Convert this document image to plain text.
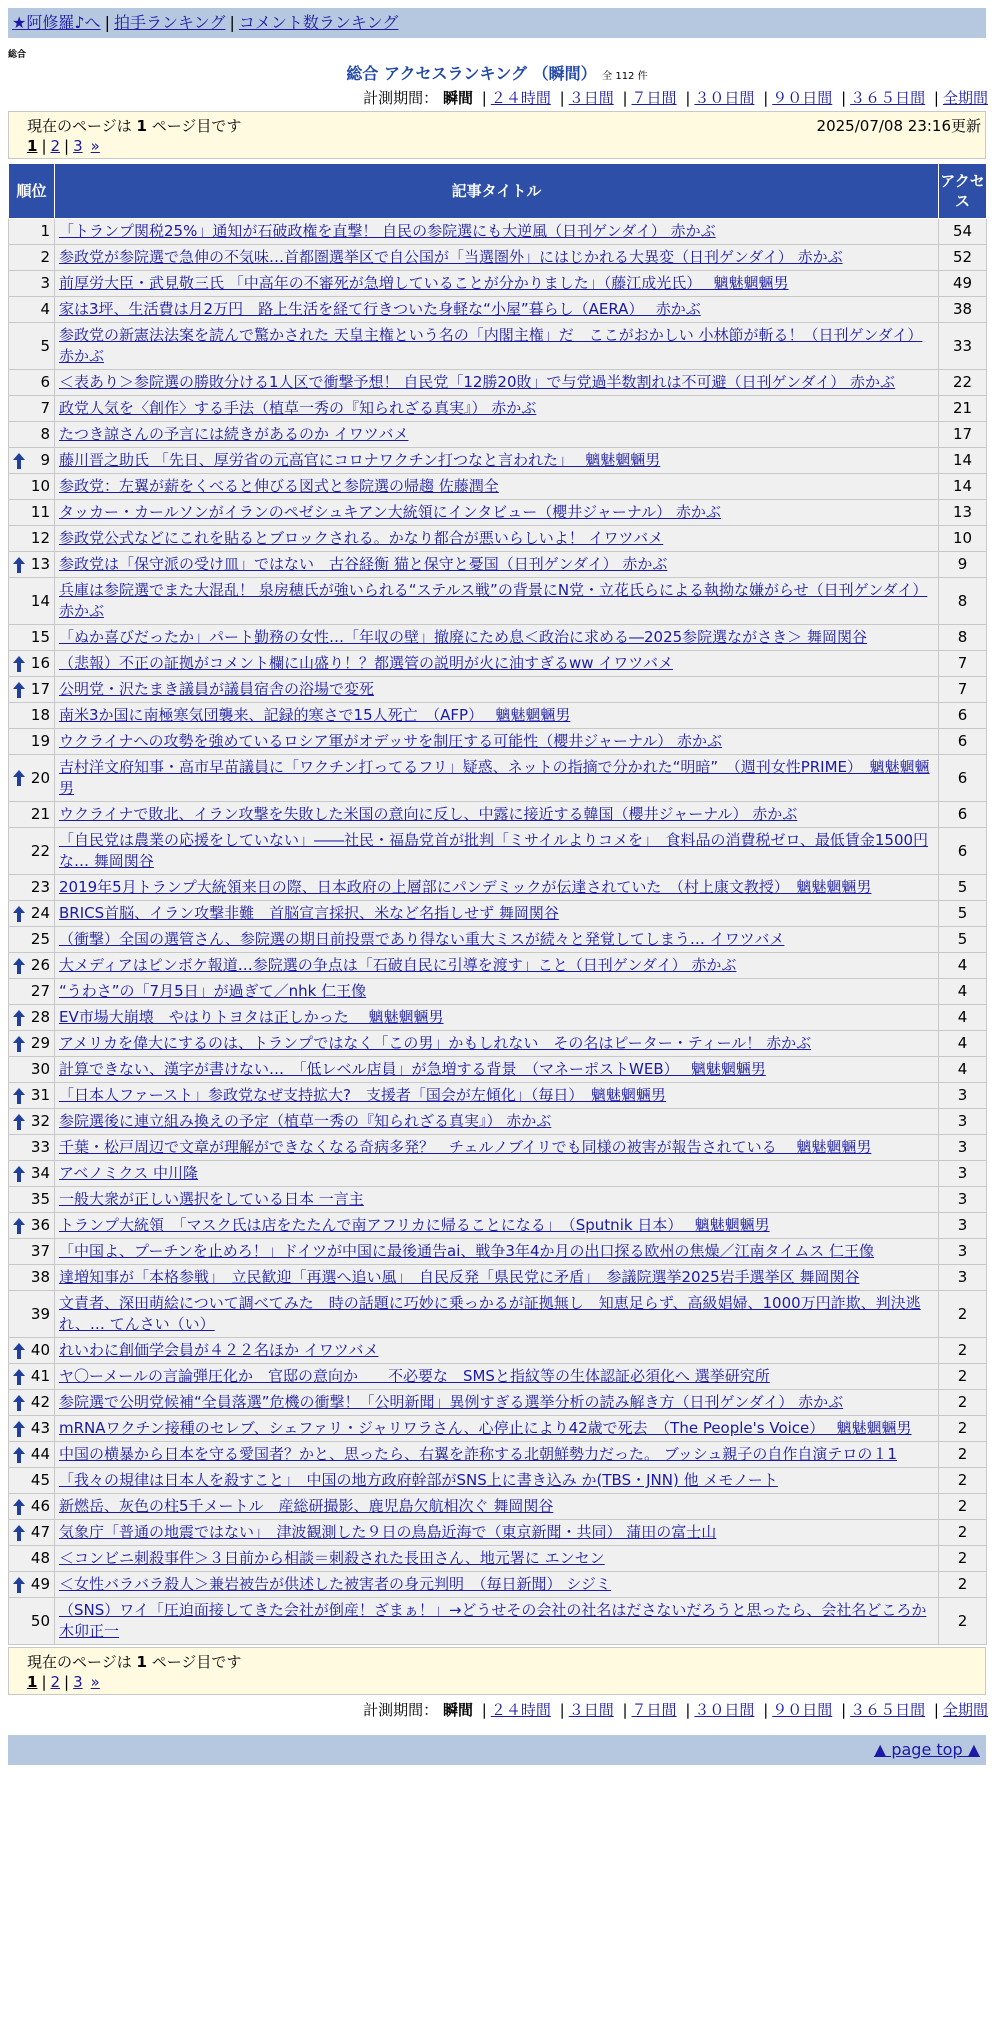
★阿修羅♪へ | 拍手ランキング | コメント数ランキング
総合
総合 アクセスランキング （瞬間） 全 112 件
計測期間： 瞬間 | ２４時間 | ３日間 | ７日間 | ３０日間 | ９０日間 | ３６５日間 | 全期間
現在のページは 1 ページ目です	2025/07/08 23:16更新
1 | 2 | 3 »
順位	記事タイトル	アクセス
1	「トランプ関税25%」通知が石破政権を直撃！ 自民の参院選にも大逆風（日刊ゲンダイ） 赤かぶ	54
2	参政党が参院選で急伸の不気味…首都圏選挙区で自公国が「当選圏外」にはじかれる大異変（日刊ゲンダイ） 赤かぶ	52
3	前厚労大臣・武見敬三氏 「中高年の不審死が急増していることが分かりました」（藤江成光氏）　 魑魅魍魎男	49
4	家は3坪、生活費は月2万円　路上生活を経て行きついた身軽な“小屋”暮らし（AERA）　 赤かぶ	38
5	参政党の新憲法法案を読んで驚かされた 天皇主権という名の「内閣主権」だ　ここがおかしい 小林節が斬る！（日刊ゲンダイ） 赤かぶ	33
6	＜表あり＞参院選の勝敗分ける1人区で衝撃予想！ 自民党「12勝20敗」で与党過半数割れは不可避（日刊ゲンダイ） 赤かぶ	22
7	政党人気を〈創作〉する手法（植草一秀の『知られざる真実』） 赤かぶ	21
8	たつき諒さんの予言には続きがあるのか イワツバメ	17

9	藤川晋之助氏 「先日、厚労省の元高官にコロナワクチン打つなと言われた」　 魑魅魍魎男	14
10	参政党：左翼が薪をくべると伸びる図式と参院選の帰趨 佐藤潤全	14
11	タッカー・カールソンがイランのペゼシュキアン大統領にインタビュー（櫻井ジャーナル） 赤かぶ	13
12	参政党公式などにこれを貼るとブロックされる。かなり都合が悪いらしいよ！ イワツバメ	10

13	参政党は「保守派の受け皿」ではない　古谷経衡 猫と保守と憂国（日刊ゲンダイ） 赤かぶ	9
14	兵庫は参院選でまた大混乱！ 泉房穂氏が強いられる“ステルス戦”の背景にN党・立花氏らによる執拗な嫌がらせ（日刊ゲンダイ） 赤かぶ	8
15	「ぬか喜びだったか」パート勤務の女性…「年収の壁」撤廃にため息＜政治に求める―2025参院選ながさき＞ 舞岡関谷	8

16	（悲報）不正の証拠がコメント欄に山盛り！？都選管の説明が火に油すぎるww イワツバメ	7

17	公明党・沢たまき議員が議員宿舎の浴場で変死	7
18	南米3か国に南極寒気団襲来、記録的寒さで15人死亡　（AFP）　 魑魅魍魎男	6
19	ウクライナへの攻勢を強めているロシア軍がオデッサを制圧する可能性（櫻井ジャーナル） 赤かぶ	6

20	吉村洋文府知事・高市早苗議員に「ワクチン打ってるフリ」疑惑、ネットの指摘で分かれた“明暗”　（週刊女性PRIME）　魑魅魍魎男	6
21	ウクライナで敗北、イラン攻撃を失敗した米国の意向に反し、中露に接近する韓国（櫻井ジャーナル） 赤かぶ	6
22	「自民党は農業の応援をしていない」――社民・福島党首が批判「ミサイルよりコメを」　食料品の消費税ゼロ、最低賃金1500円な… 舞岡関谷	6
23	2019年5月トランプ大統領来日の際、日本政府の上層部にパンデミックが伝達されていた　（村上康文教授）　魑魅魍魎男	5

24	BRICS首脳、イラン攻撃非難　首脳宣言採択、米など名指しせず 舞岡関谷	5
25	（衝撃）全国の選管さん、参院選の期日前投票であり得ない重大ミスが続々と発覚してしまう… イワツバメ	5

26	大メディアはピンボケ報道…参院選の争点は「石破自民に引導を渡す」こと（日刊ゲンダイ） 赤かぶ	4
27	“うわさ”の「7月5日」が過ぎて／nhk 仁王像	4

28	EV市場大崩壊　やはりトヨタは正しかった　 魑魅魍魎男	4

29	アメリカを偉大にするのは、トランプではなく「この男」かもしれない　その名はピーター・ティール！ 赤かぶ	4
30	計算できない、漢字が書けない…　「低レベル店員」が急増する背景　（マネーポストWEB）　 魑魅魍魎男	4

31	「日本人ファースト」参政党なぜ支持拡大?　支援者「国会が左傾化」（毎日）　魑魅魍魎男	3

32	参院選後に連立組み換えの予定（植草一秀の『知られざる真実』） 赤かぶ	3
33	千葉・松戸周辺で文章が理解ができなくなる奇病多発？　チェルノブイリでも同様の被害が報告されている　 魑魅魍魎男	3

34	アベノミクス 中川隆	3
35	一般大衆が正しい選択をしている日本 一言主	3

36	トランプ大統領　「マスク氏は店をたたんで南アフリカに帰ることになる」　（Sputnik 日本）　 魑魅魍魎男	3
37	「中国よ、プーチンを止めろ！」ドイツが中国に最後通告ai、戦争3年4か月の出口探る欧州の焦燥／江南タイムス 仁王像	3
38	達増知事が「本格参戦」　立民歓迎「再選へ追い風」　自民反発「県民党に矛盾」　参議院選挙2025岩手選挙区 舞岡関谷	3
39	文責者、深田萌絵について調べてみた　時の話題に巧妙に乗っかるが証拠無し　知恵足らず、高級娼婦、1000万円詐欺、判決逃れ、… てんさい（い）	2

40	れいわに創価学会員が４２２名ほか イワツバメ	2

41	ヤ〇ーメールの言論弾圧化か　官邸の意向か　　不必要な　SMSと指紋等の生体認証必須化へ 選挙研究所	2

42	参院選で公明党候補“全員落選”危機の衝撃！「公明新聞」異例すぎる選挙分析の読み解き方（日刊ゲンダイ） 赤かぶ	2

43	mRNAワクチン接種のセレブ、シェファリ・ジャリワラさん、心停止により42歳で死去　（The People's Voice）　 魑魅魍魎男	2

44	中国の横暴から日本を守る愛国者？かと、思ったら、右翼を詐称する北朝鮮勢力だった。 ブッシュ親子の自作自演テロの１1	2
45	「我々の規律は日本人を殺すこと」　中国の地方政府幹部がSNS上に書き込み か(TBS・JNN) 他 メモノート	2

46	新燃岳、灰色の柱5千メートル　産総研撮影、鹿児島欠航相次ぐ 舞岡関谷	2

47	気象庁「普通の地震ではない」　津波観測した９日の鳥島近海で（東京新聞・共同） 蒲田の富士山	2
48	＜コンビニ刺殺事件＞３日前から相談＝刺殺された長田さん、地元署に エンセン	2

49	＜女性バラバラ殺人＞兼岩被告が供述した被害者の身元判明　（毎日新聞） シジミ	2
50	（SNS）ワイ「圧迫面接してきた会社が倒産！ざまぁ！」→どうせその会社の社名はださないだろうと思ったら、会社名どころか 木卯正一	2
現在のページは 1 ページ目です
1 | 2 | 3 »
計測期間： 瞬間 | ２４時間 | ３日間 | ７日間 | ３０日間 | ９０日間 | ３６５日間 | 全期間
▲ page top ▲
